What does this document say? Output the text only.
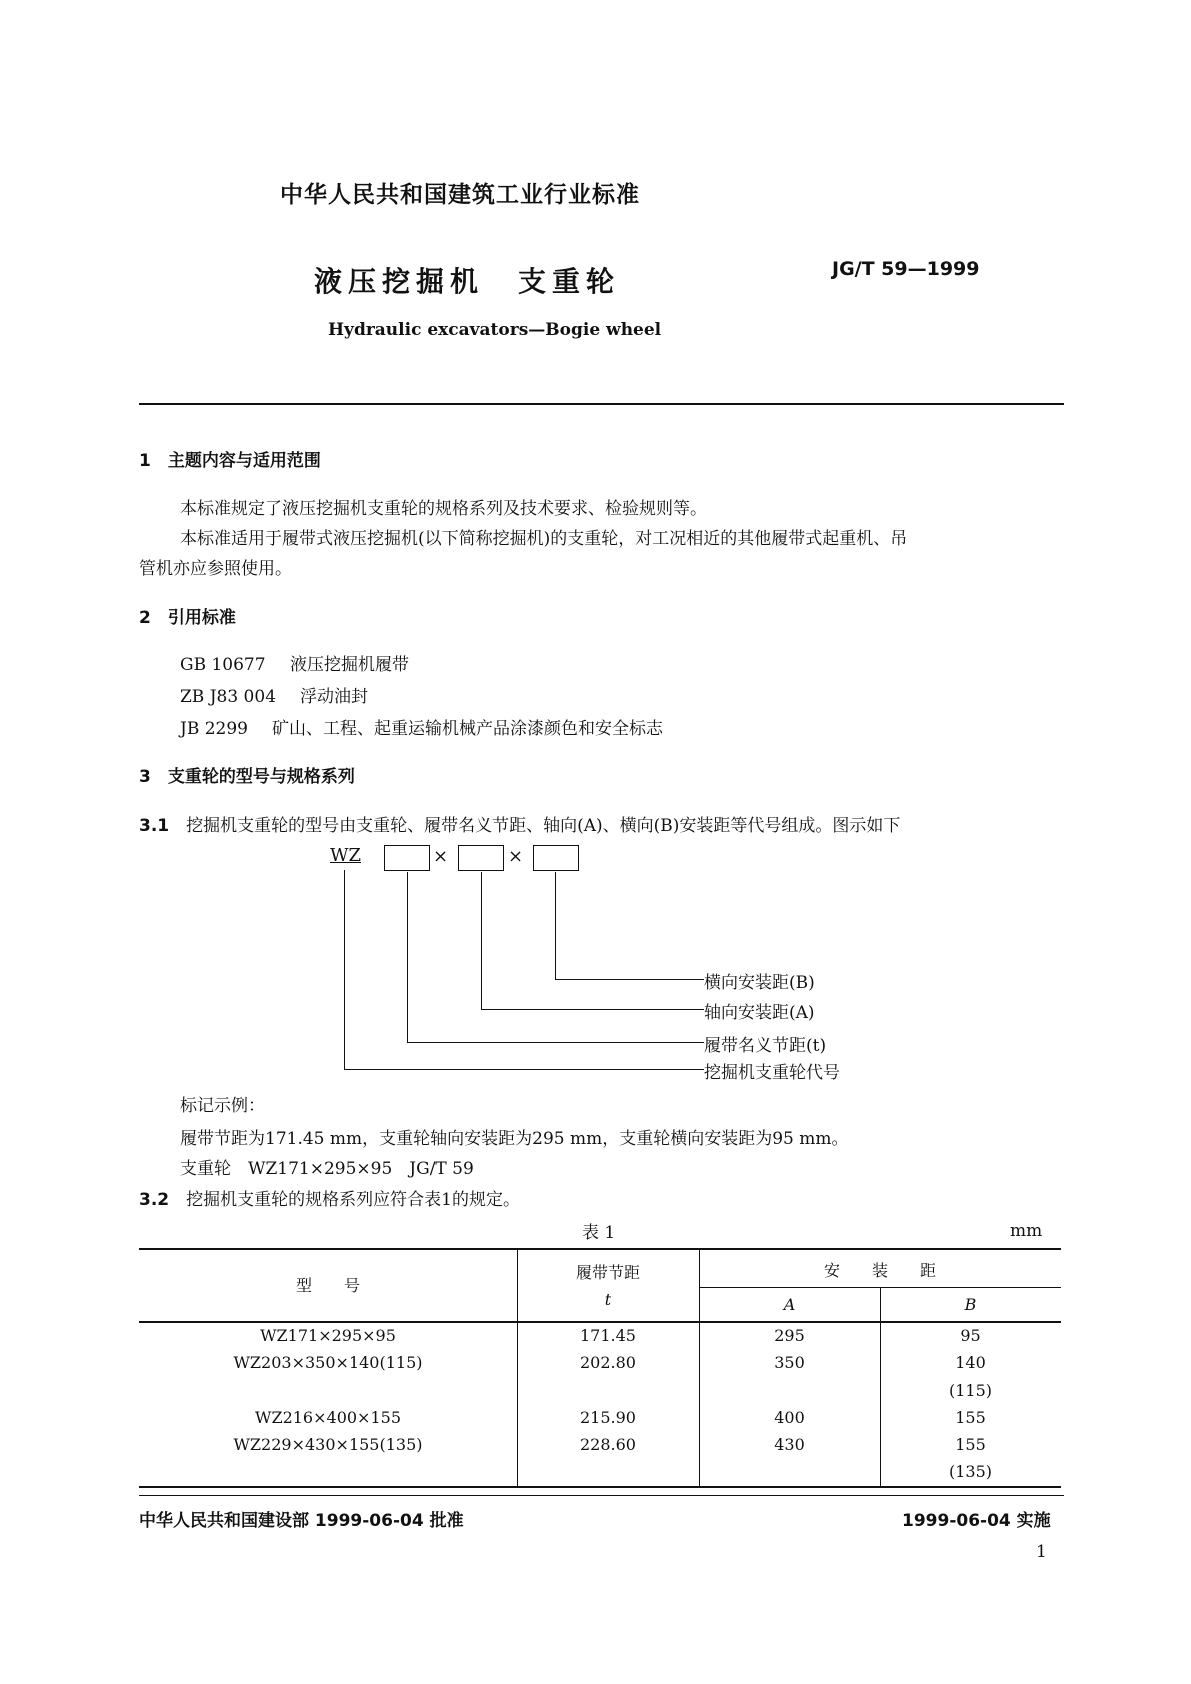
中华人民共和国建筑工业行业标准
液压挖掘机　支重轮	JG/T 59—1999
Hydraulic excavators—Bogie wheel
1　 主题内容与适用范围
本标准规定了液压挖掘机支重轮的规格系列及技术要求、检验规则等。
本标准适用于履带式液压挖掘机(以下简称挖掘机)的支重轮，对工况相近的其他履带式起重机、吊
管机亦应参照使用。
2　 引用标准
GB 10677 液压挖掘机履带
ZB J83 004 浮动油封
JB 2299 矿山、工程、起重运输机械产品涂漆颜色和安全标志
3　 支重轮的型号与规格系列
3.1　 挖掘机支重轮的型号由支重轮、履带名义节距、轴向(A)、横向(B)安装距等代号组成。图示如下
WZ	×	×
横向安装距(B)
轴向安装距(A)
履带名义节距(t)
挖掘机支重轮代号
标记示例：
履带节距为171.45 mm，支重轮轴向安装距为295 mm，支重轮横向安装距为95 mm。
支重轮　WZ171×295×95　JG/T 59
3.2　 挖掘机支重轮的规格系列应符合表1的规定。
表 1	mm
型　　号
履带节距
t
安　　装　　距
A	B
WZ171×295×95	171.45	295	95
WZ203×350×140(115)	202.80	350	140
(115)
WZ216×400×155	215.90	400	155
WZ229×430×155(135)	228.60	430	155
(135)
中华人民共和国建设部 1999-06-04 批准	1999-06-04 实施
1
